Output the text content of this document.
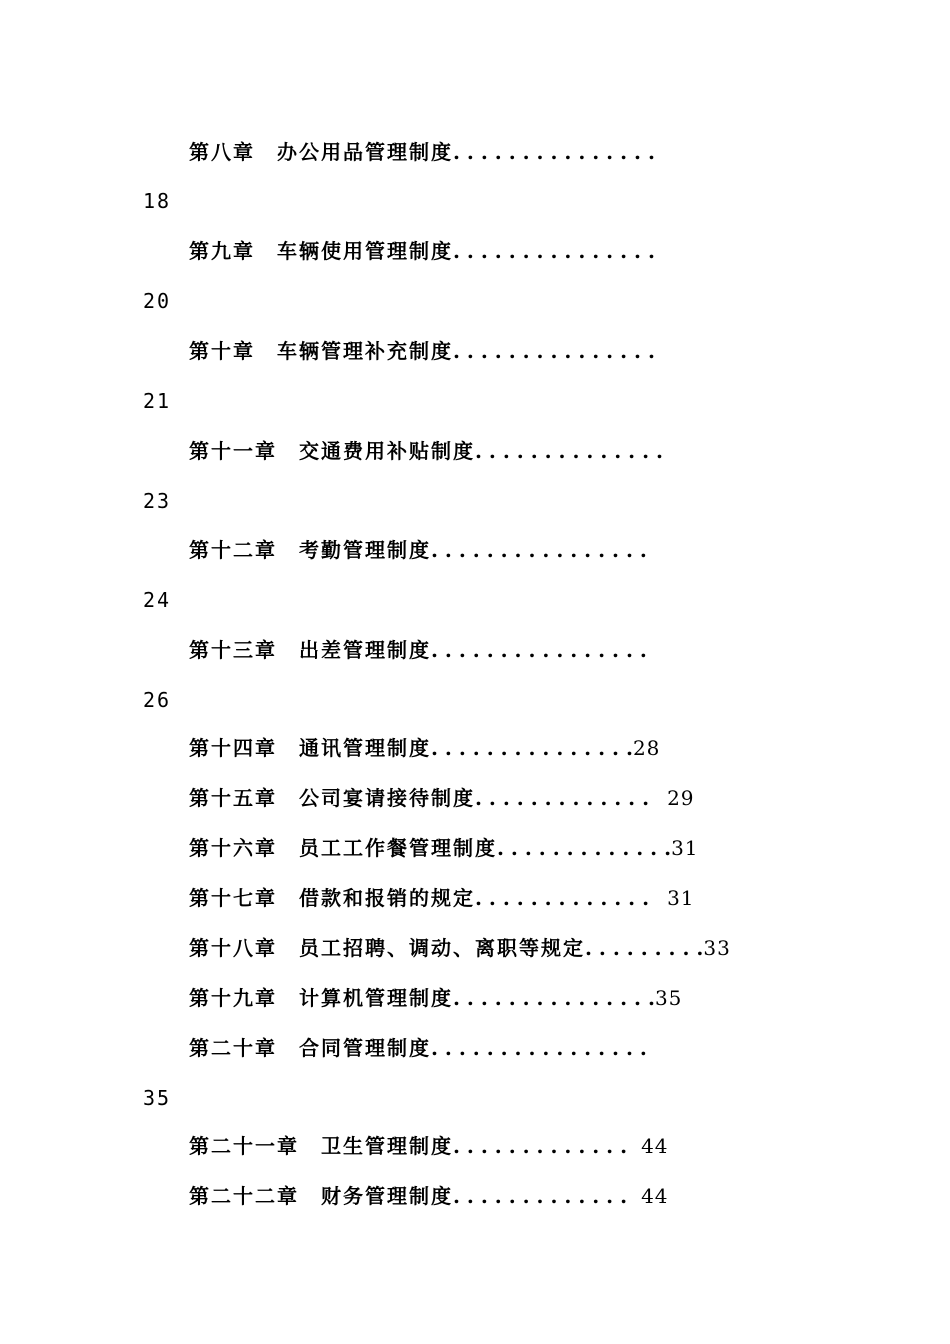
第八章 办公用品管理制度. . . . . . . . . . . . . . .
18
第九章 车辆使用管理制度. . . . . . . . . . . . . . .
20
第十章 车辆管理补充制度. . . . . . . . . . . . . . .
21
第十一章 交通费用补贴制度. . . . . . . . . . . . . .
23
第十二章 考勤管理制度. . . . . . . . . . . . . . . .
24
第十三章 出差管理制度. . . . . . . . . . . . . . . .
26
第十四章 通讯管理制度. . . . . . . . . . . . . . .28
第十五章 公司宴请接待制度. . . . . . . . . . . . . 29
第十六章 员工工作餐管理制度. . . . . . . . . . . . .31
第十七章 借款和报销的规定. . . . . . . . . . . . . 31
第十八章 员工招聘、调动、离职等规定. . . . . . . . .33
第十九章 计算机管理制度. . . . . . . . . . . . . . .35
第二十章 合同管理制度. . . . . . . . . . . . . . . .
35
第二十一章 卫生管理制度. . . . . . . . . . . . . 44
第二十二章 财务管理制度. . . . . . . . . . . . . 44
